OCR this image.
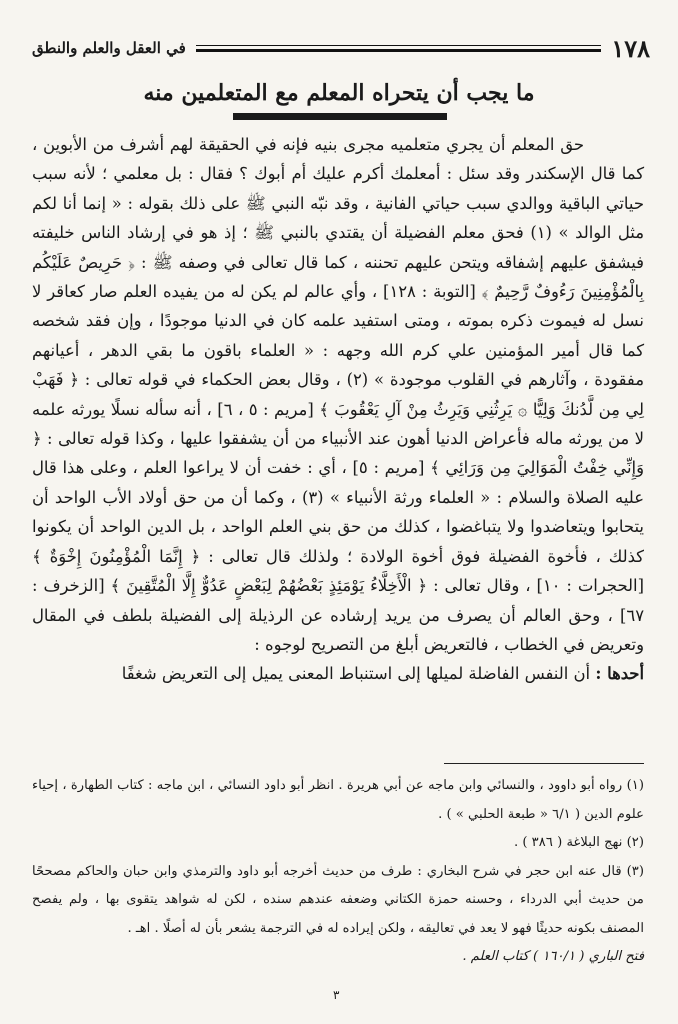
١٧٨
في العقل والعلم والنطق
ما يجب أن يتحراه المعلم مع المتعلمين منه

حق المعلم أن يجري متعلميه مجرى بنيه فإنه في الحقيقة لهم أشرف من الأبوين ، كما قال الإسكندر وقد سئل : أمعلمك أكرم عليك أم أبوك ؟ فقال : بل معلمي ؛ لأنه سبب حياتي الباقية ووالدي سبب حياتي الفانية ، وقد نبّه النبي ﷺ على ذلك بقوله : « إنما أنا لكم مثل الوالد » (١) فحق معلم الفضيلة أن يقتدي بالنبي ﷺ ؛ إذ هو في إرشاد الناس خليفته فيشفق عليهم إشفاقه ويتحن عليهم تحننه ، كما قال تعالى في وصفه ﷺ : ﴿ حَرِيصٌ عَلَيْكُم بِالْمُؤْمِنِينَ رَءُوفٌ رَّحِيمٌ ﴾ [التوبة : ١٢٨] ، وأي عالم لم يكن له من يفيده العلم صار كعاقر لا نسل له فيموت ذكره بموته ، ومتى استفيد علمه كان في الدنيا موجودًا ، وإن فقد شخصه كما قال أمير المؤمنين علي كرم الله وجهه : « العلماء باقون ما بقي الدهر ، أعيانهم مفقودة ، وآثارهم في القلوب موجودة » (٢) ، وقال بعض الحكماء في قوله تعالى : ﴿ فَهَبْ لِي مِن لَّدُنكَ وَلِيًّا ۞ يَرِثُنِي وَيَرِثُ مِنْ آلِ يَعْقُوبَ ﴾ [مريم : ٥ ، ٦] ، أنه سأله نسلًا يورثه علمه لا من يورثه ماله فأعراض الدنيا أهون عند الأنبياء من أن يشفقوا عليها ، وكذا قوله تعالى : ﴿ وَإِنِّي خِفْتُ الْمَوَالِيَ مِن وَرَائِي ﴾ [مريم : ٥] ، أي : خفت أن لا يراعوا العلم ، وعلى هذا قال عليه الصلاة والسلام : « العلماء ورثة الأنبياء » (٣) ، وكما أن من حق أولاد الأب الواحد أن يتحابوا ويتعاضدوا ولا يتباغضوا ، كذلك من حق بني العلم الواحد ، بل الدين الواحد أن يكونوا كذلك ، فأخوة الفضيلة فوق أخوة الولادة ؛ ولذلك قال تعالى : ﴿ إِنَّمَا الْمُؤْمِنُونَ إِخْوَةٌ ﴾ [الحجرات : ١٠] ، وقال تعالى : ﴿ الْأَخِلَّاءُ يَوْمَئِذٍ بَعْضُهُمْ لِبَعْضٍ عَدُوٌّ إِلَّا الْمُتَّقِينَ ﴾ [الزخرف : ٦٧] ، وحق العالم أن يصرف من يريد إرشاده عن الرذيلة إلى الفضيلة بلطف في المقال وتعريض في الخطاب ، فالتعريض أبلغ من التصريح لوجوه :

أحدها : أن النفس الفاضلة لميلها إلى استنباط المعنى يميل إلى التعريض شغفًا

(١) رواه أبو داوود ، والنسائي وابن ماجه عن أبي هريرة . انظر أبو داود النسائي ، ابن ماجه : كتاب الطهارة ، إحياء علوم الدين ( ٦/١ « طبعة الحلبي » ) .

(٢) نهج البلاغة ( ٣٨٦ ) .

(٣) قال عنه ابن حجر في شرح البخاري : طرف من حديث أخرجه أبو داود والترمذي وابن حبان والحاكم مصححًا من حديث أبي الدرداء ، وحسنه حمزة الكتاني وضعفه عندهم سنده ، لكن له شواهد يتقوى بها ، ولم يفصح المصنف بكونه حديثًا فهو لا يعد في تعاليقه ، ولكن إيراده له في الترجمة يشعر بأن له أصلًا . اهـ .

فتح الباري ( ١٦٠/١ ) كتاب العلم .

٣
